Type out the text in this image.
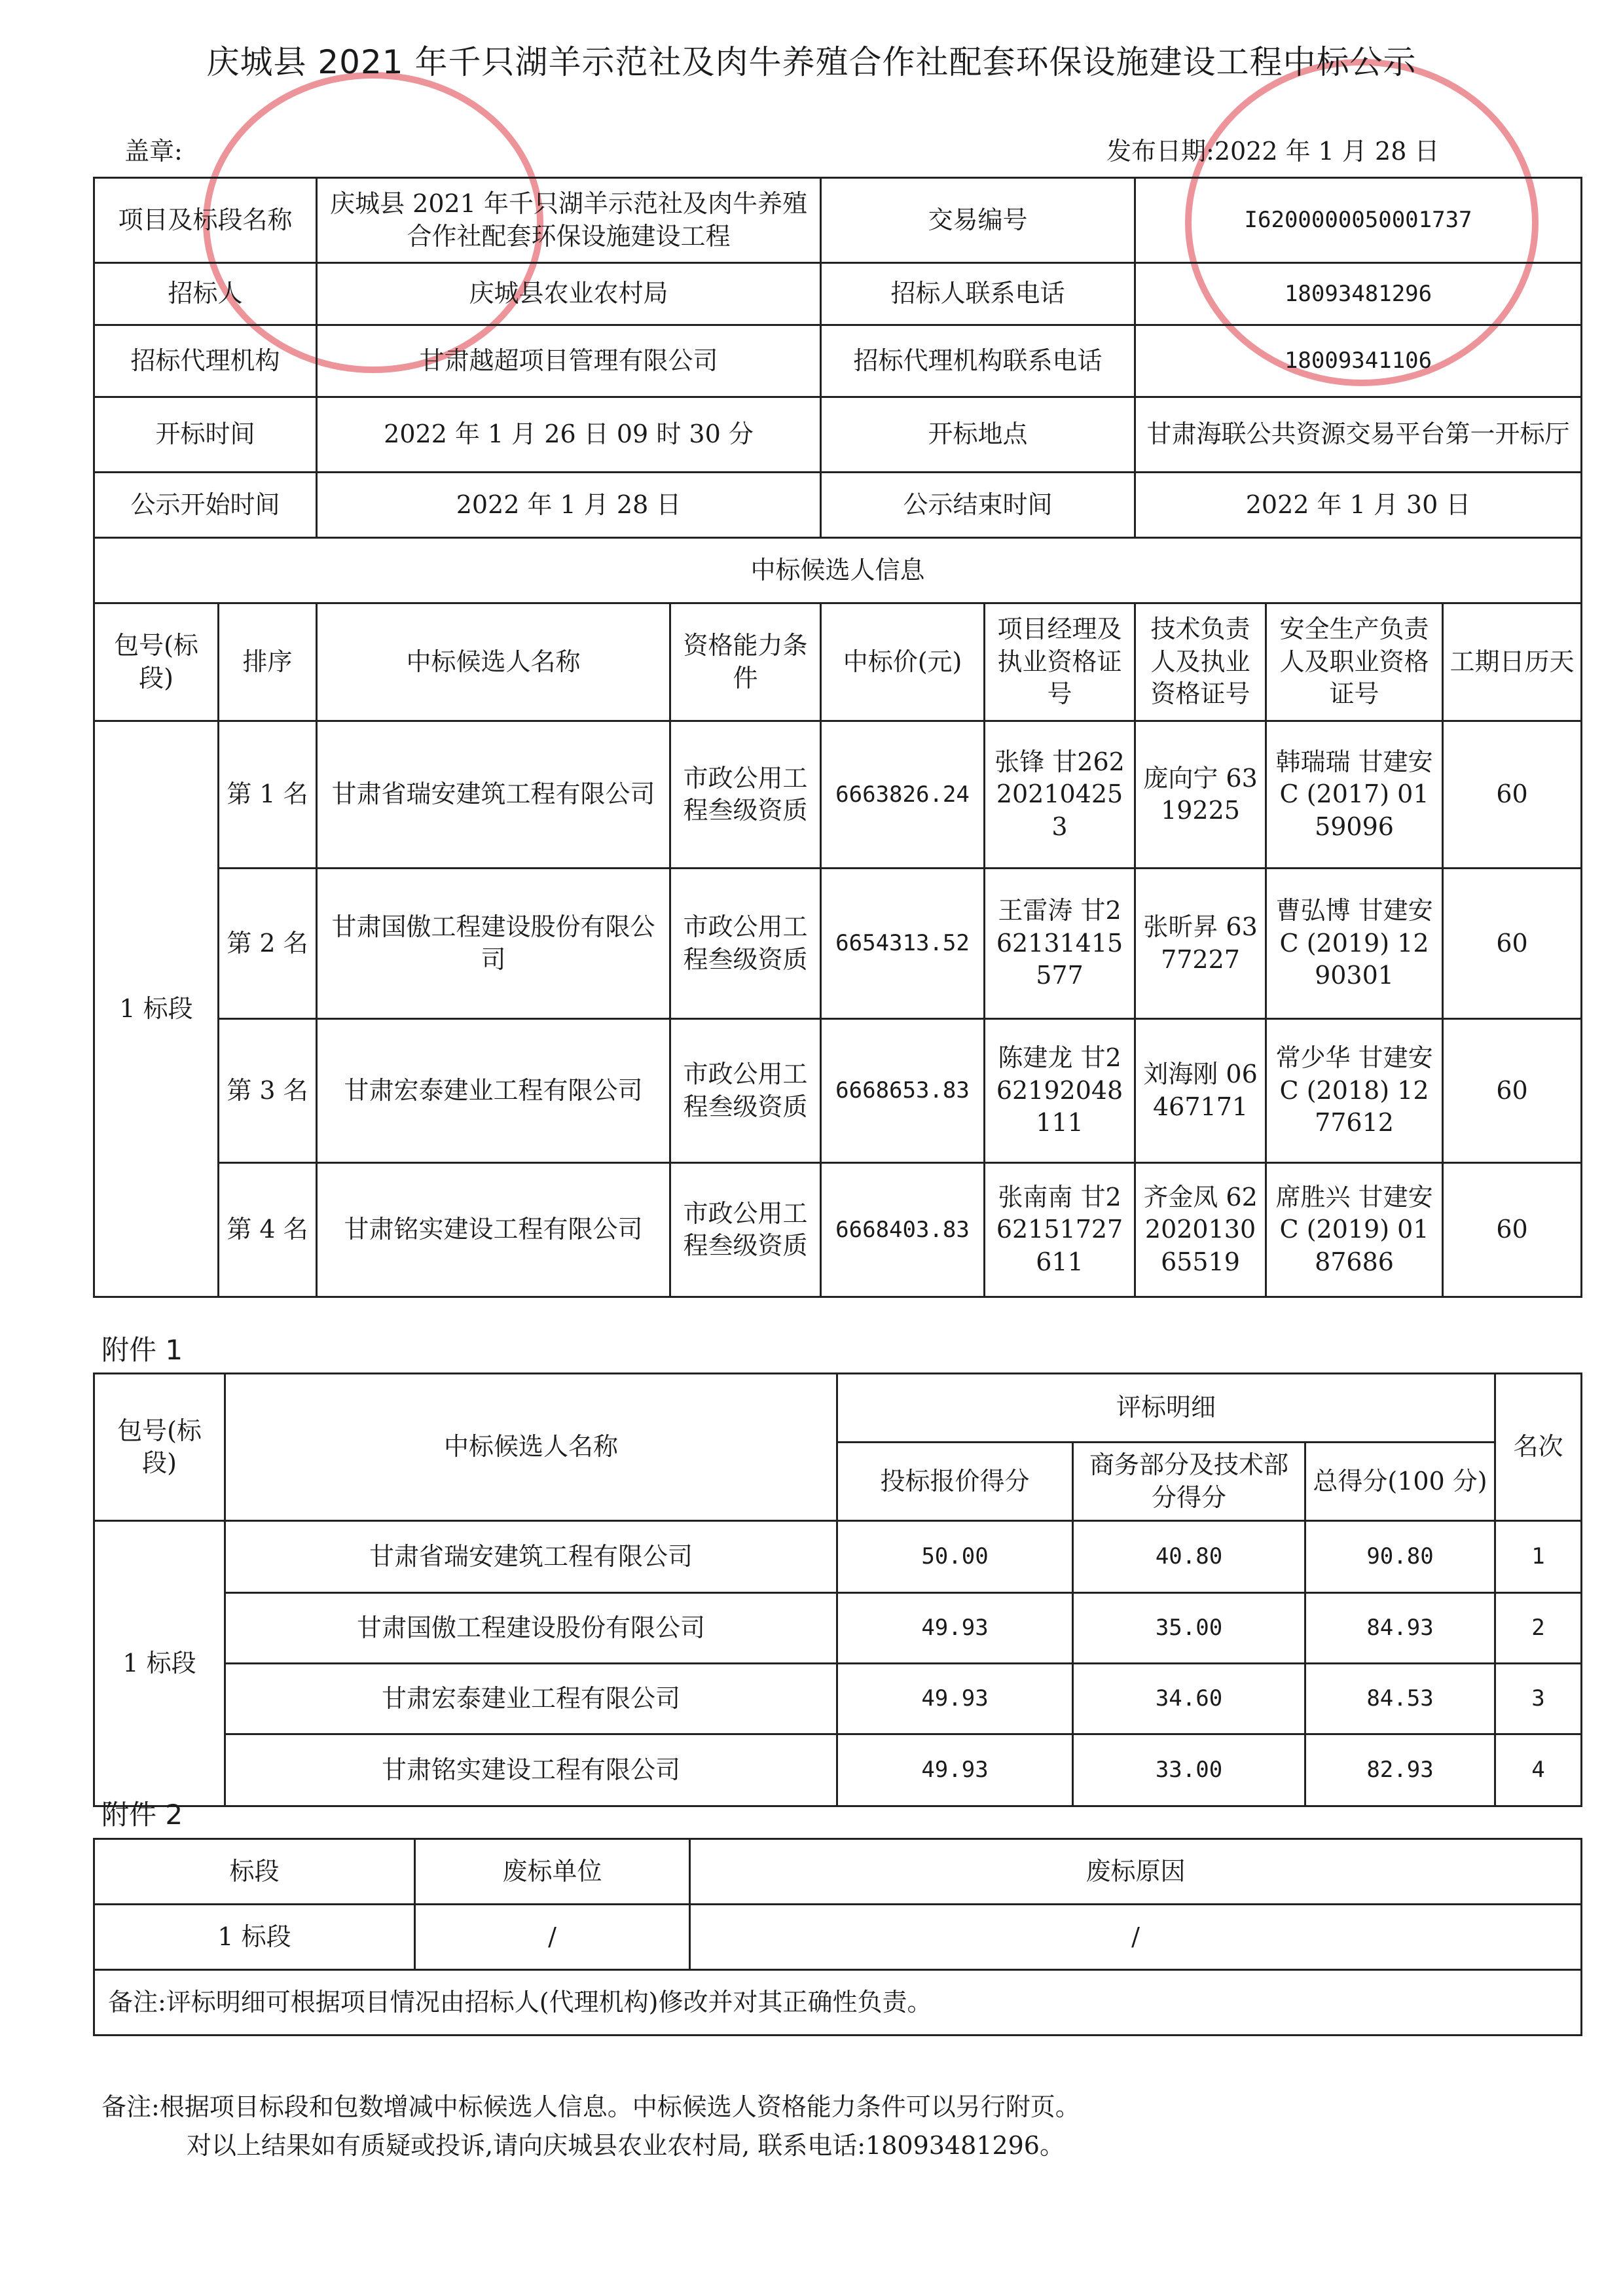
庆城县 2021 年千只湖羊示范社及肉牛养殖合作社配套环保设施建设工程中标公示
盖章:	发布日期:2022 年 1 月 28 日
项目及标段名称		庆城县 2021 年千只湖羊示范社及肉牛养殖合作社配套环保设施建设工程		交易编号		I6200000050001737		
招标人		庆城县农业农村局		招标人联系电话		18093481296		
招标代理机构		甘肃越超项目管理有限公司		招标代理机构联系电话		18009341106		
开标时间		2022 年 1 月 26 日 09 时 30 分		开标地点		甘肃海联公共资源交易平台第一开标厅		
公示开始时间		2022 年 1 月 28 日		公示结束时间		2022 年 1 月 30 日		
中标候选人信息								
包号(标段)	排序	中标候选人名称	资格能力条件	中标价(元)	项目经理及执业资格证号	技术负责人及执业资格证号	安全生产负责人及职业资格证号	工期日历天
1 标段	第 1 名	甘肃省瑞安建筑工程有限公司	市政公用工程叁级资质	6663826.24	张锋 甘262202104253	庞向宁 6319225	韩瑞瑞 甘建安 C (2017) 0159096	60
	第 2 名	甘肃国傲工程建设股份有限公司	市政公用工程叁级资质	6654313.52	王雷涛 甘262131415577	张昕昇 6377227	曹弘博 甘建安 C (2019) 1290301	60
	第 3 名	甘肃宏泰建业工程有限公司	市政公用工程叁级资质	6668653.83	陈建龙 甘262192048111	刘海刚 06467171	常少华 甘建安 C (2018) 1277612	60
	第 4 名	甘肃铭实建设工程有限公司	市政公用工程叁级资质	6668403.83	张南南 甘262151727611	齐金凤 62202013065519	席胜兴 甘建安 C (2019) 0187686	60
附件 1
包号(标段)	中标候选人名称	评标明细			名次
		投标报价得分	商务部分及技术部分得分	总得分(100 分)	
1 标段	甘肃省瑞安建筑工程有限公司	50.00	40.80	90.80	1
	甘肃国傲工程建设股份有限公司	49.93	35.00	84.93	2
	甘肃宏泰建业工程有限公司	49.93	34.60	84.53	3
	甘肃铭实建设工程有限公司	49.93	33.00	82.93	4
附件 2
标段	废标单位	废标原因
1 标段	/	/
备注:评标明细可根据项目情况由招标人(代理机构)修改并对其正确性负责。		
备注:根据项目标段和包数增减中标候选人信息。中标候选人资格能力条件可以另行附页。
对以上结果如有质疑或投诉,请向庆城县农业农村局, 联系电话:18093481296。
